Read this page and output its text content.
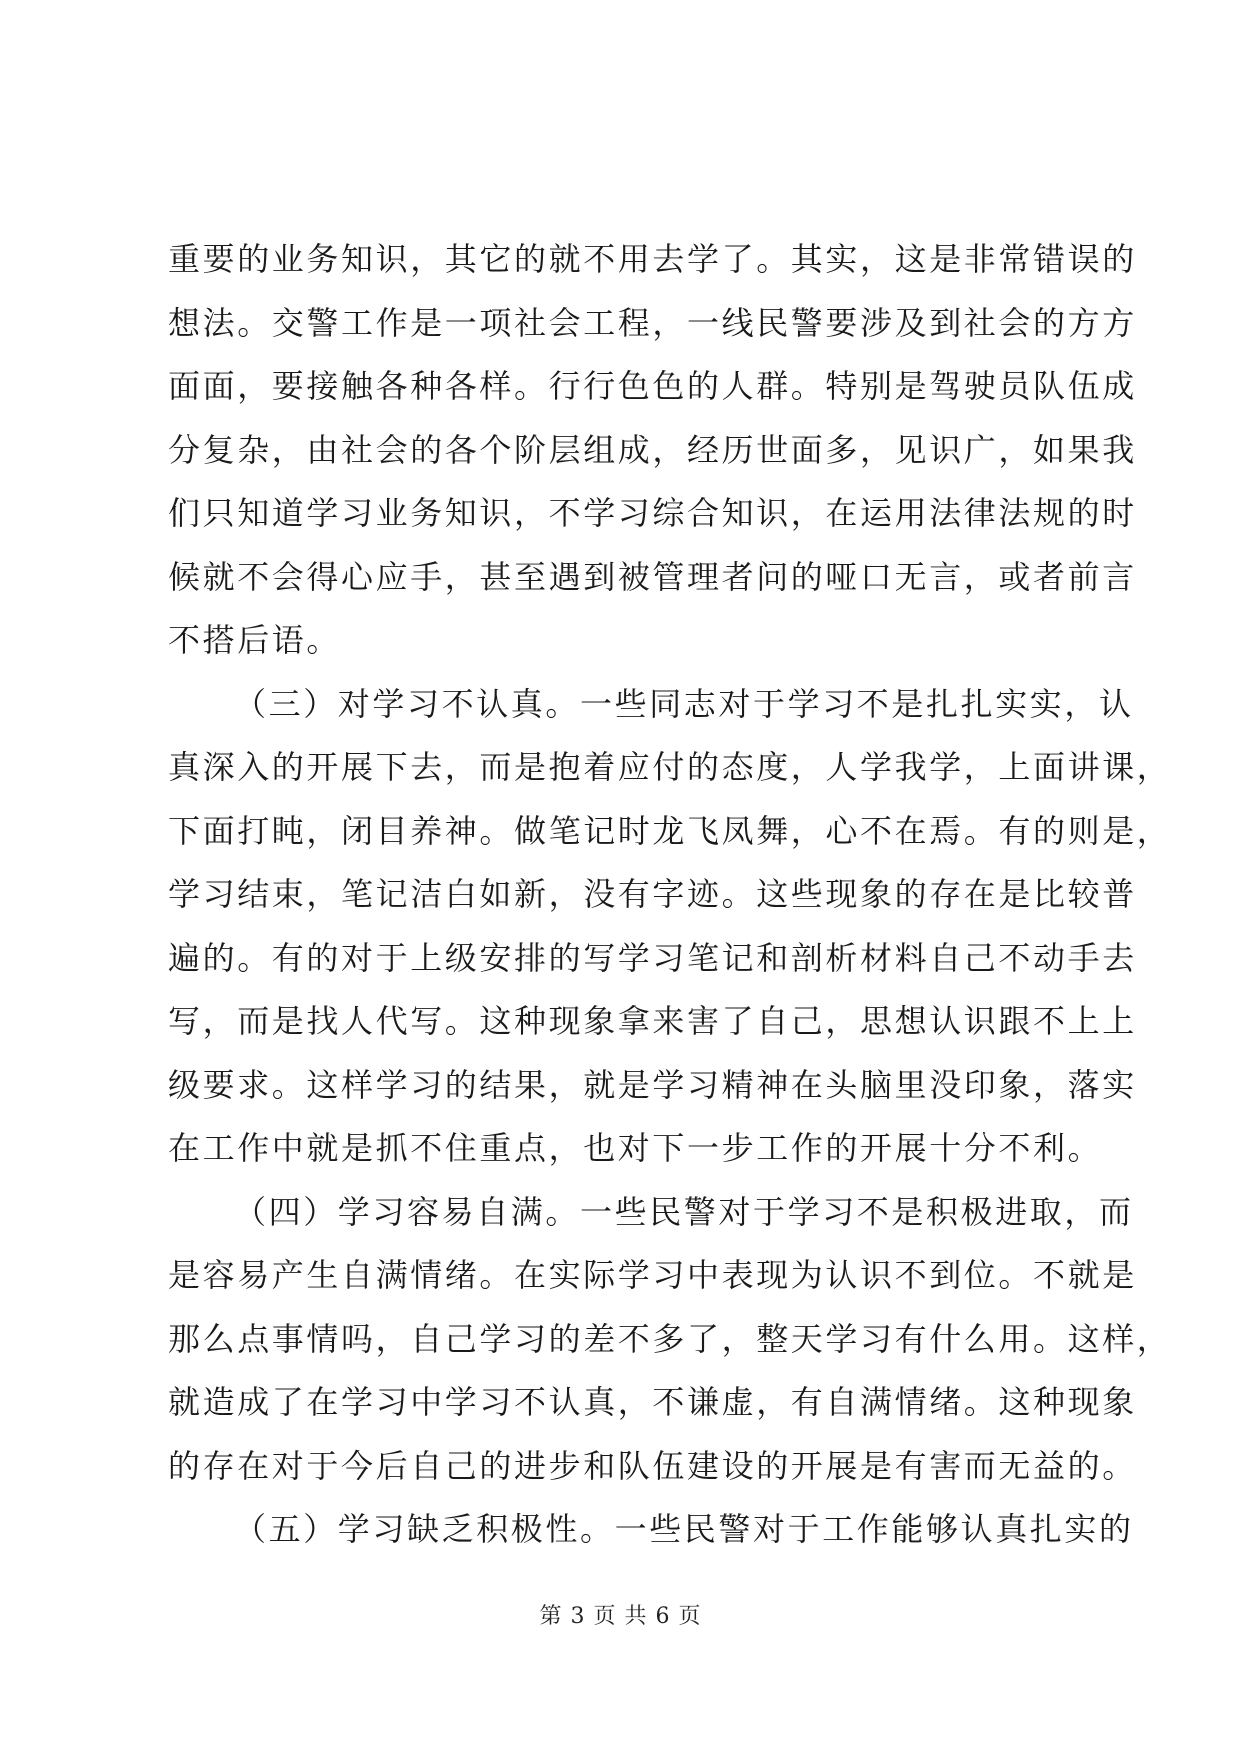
重要的业务知识，其它的就不用去学了。其实，这是非常错误的
想法。交警工作是一项社会工程，一线民警要涉及到社会的方方
面面，要接触各种各样。行行色色的人群。特别是驾驶员队伍成
分复杂，由社会的各个阶层组成，经历世面多，见识广，如果我
们只知道学习业务知识，不学习综合知识，在运用法律法规的时
候就不会得心应手，甚至遇到被管理者问的哑口无言，或者前言
不搭后语。
（三）对学习不认真。一些同志对于学习不是扎扎实实，认
真深入的开展下去，而是抱着应付的态度，人学我学，上面讲课，
下面打盹，闭目养神。做笔记时龙飞凤舞，心不在焉。有的则是，
学习结束，笔记洁白如新，没有字迹。这些现象的存在是比较普
遍的。有的对于上级安排的写学习笔记和剖析材料自己不动手去
写，而是找人代写。这种现象拿来害了自己，思想认识跟不上上
级要求。这样学习的结果，就是学习精神在头脑里没印象，落实
在工作中就是抓不住重点，也对下一步工作的开展十分不利。
（四）学习容易自满。一些民警对于学习不是积极进取，而
是容易产生自满情绪。在实际学习中表现为认识不到位。不就是
那么点事情吗，自己学习的差不多了，整天学习有什么用。这样，
就造成了在学习中学习不认真，不谦虚，有自满情绪。这种现象
的存在对于今后自己的进步和队伍建设的开展是有害而无益的。
（五）学习缺乏积极性。一些民警对于工作能够认真扎实的
第 3 页 共 6 页
